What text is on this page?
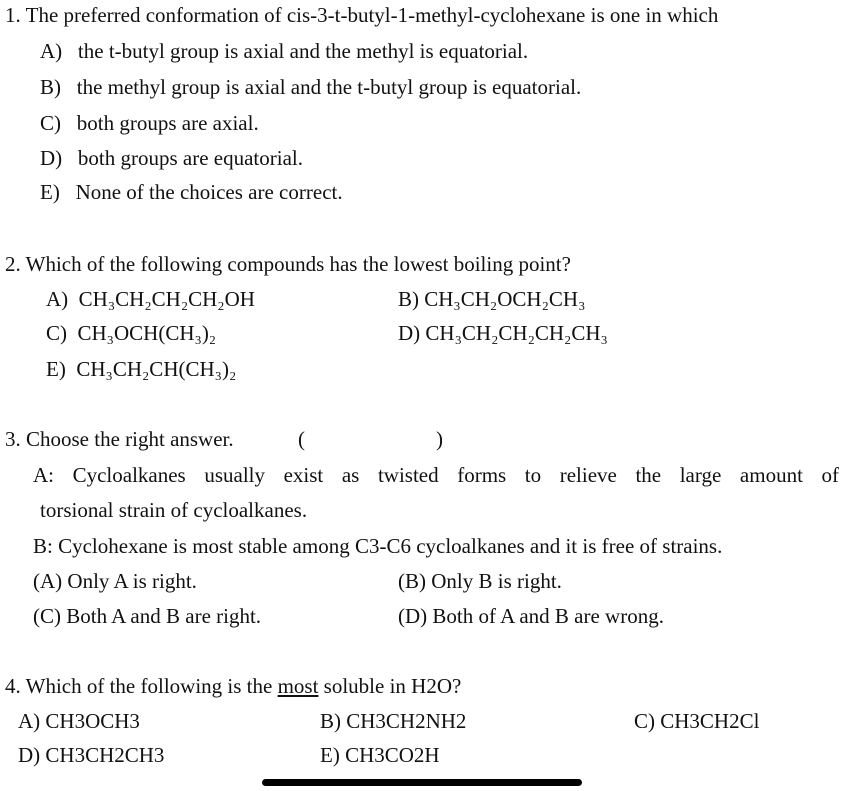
1. The preferred conformation of cis-3-t-butyl-1-methyl-cyclohexane is one in which
A)   the t-butyl group is axial and the methyl is equatorial.
B)   the methyl group is axial and the t-butyl group is equatorial.
C)   both groups are axial.
D)   both groups are equatorial.
E)   None of the choices are correct.
2. Which of the following compounds has the lowest boiling point?
A)  CH₃CH₂CH₂CH₂OH	B) CH₃CH₂OCH₂CH₃
C)  CH₃OCH(CH₃)₂	D) CH₃CH₂CH₂CH₂CH₃
E)  CH₃CH₂CH(CH₃)₂
3. Choose the right answer.	(	)
A: Cycloalkanes usually exist as twisted forms to relieve the large amount of
torsional strain of cycloalkanes.
B: Cyclohexane is most stable among C3-C6 cycloalkanes and it is free of strains.
(A) Only A is right.	(B) Only B is right.
(C) Both A and B are right.	(D) Both of A and B are wrong.
4. Which of the following is the most soluble in H2O?
A) CH3OCH3	B) CH3CH2NH2	C) CH3CH2Cl
D) CH3CH2CH3	E) CH3CO2H
